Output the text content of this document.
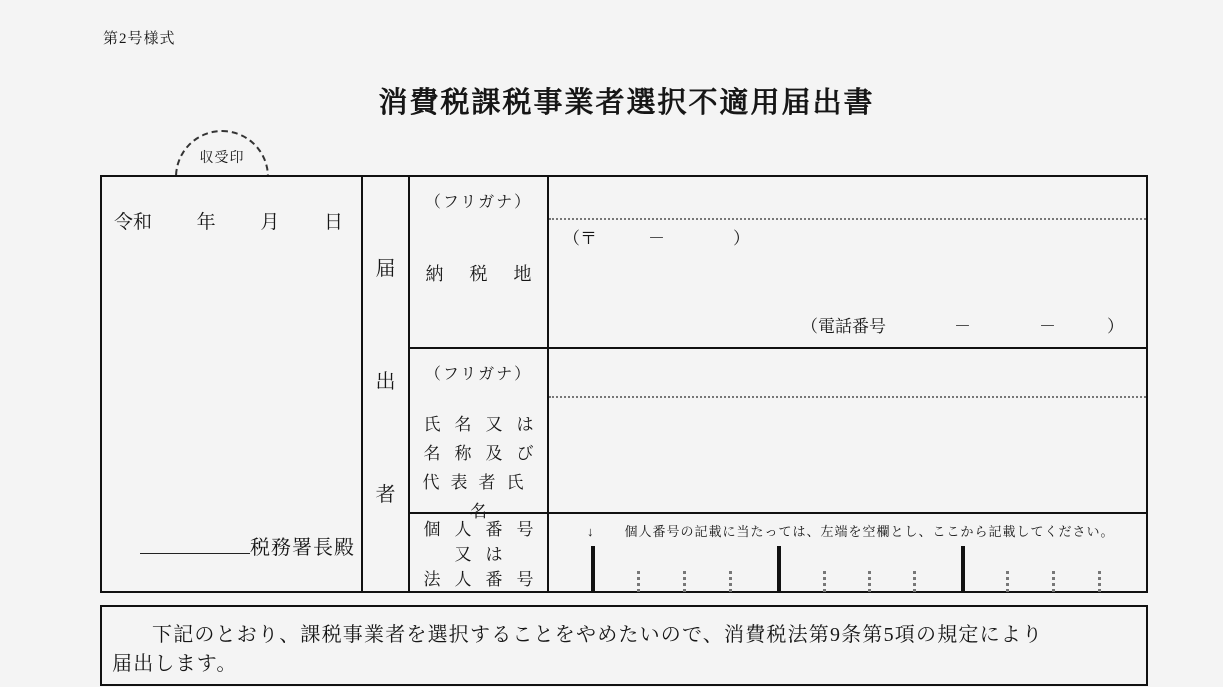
第2号様式
消費税課税事業者選択不適用届出書
収受印
令和 年 月 日
税務署長殿
届
出
者
（フリガナ）
納税地
（〒　　　－　　　　）
（電話番号　　　　－　　　　－　　　）
（フリガナ）
氏名又は
名称及び
代表者氏名
個人番号
又は
法人番号
↓ 個人番号の記載に当たっては、左端を空欄とし、ここから記載してください。
下記のとおり、課税事業者を選択することをやめたいので、消費税法第9条第5項の規定により
届出します。
